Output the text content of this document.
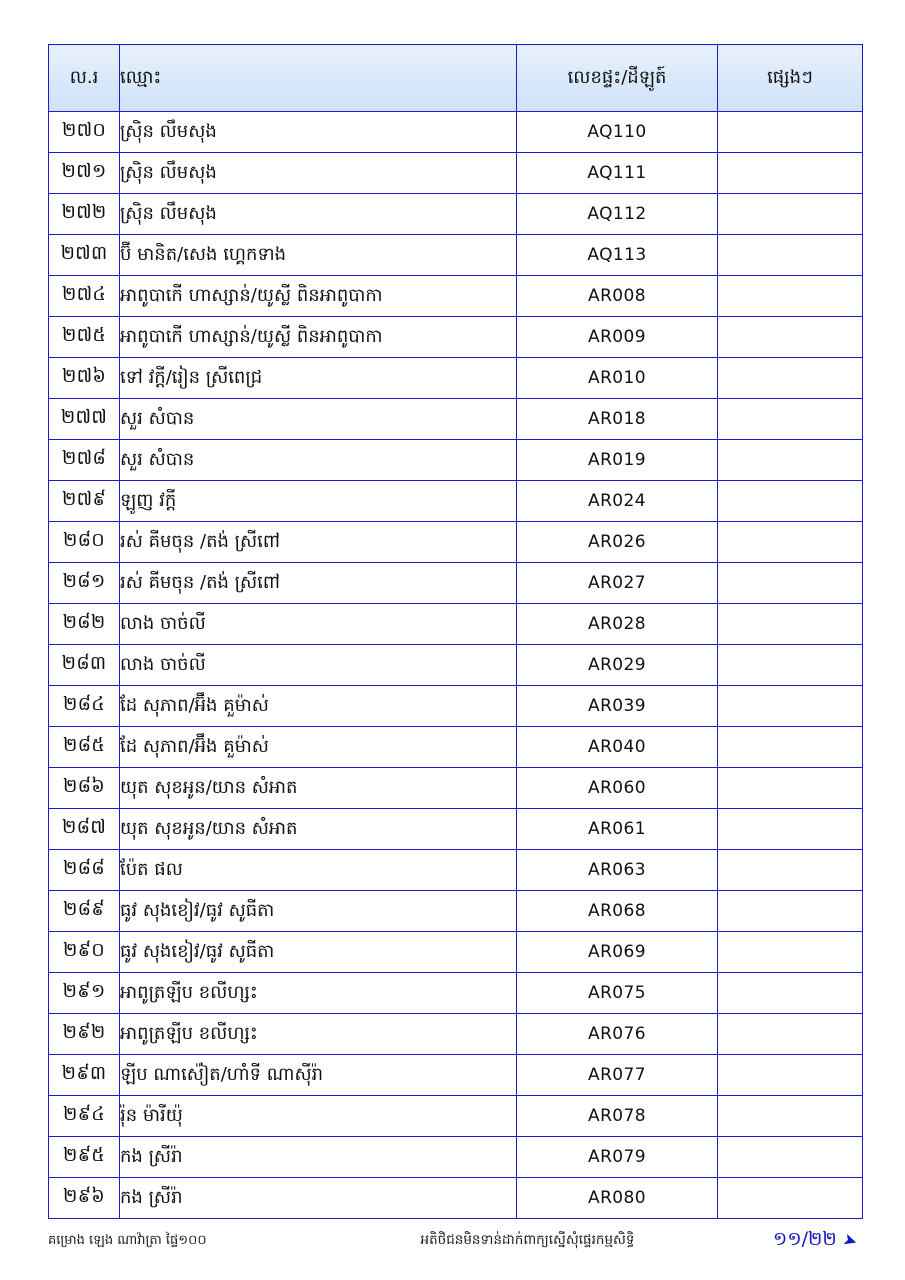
ល.រ	ឈ្មោះ	លេខផ្ទះ/ដីឡូត៍	ផ្សេងៗ
២៧០	ស្រ៊ិន លឹមសុង	AQ110	
២៧១	ស្រ៊ិន លឹមសុង	AQ111	
២៧២	ស្រ៊ិន លឹមសុង	AQ112	
២៧៣	ប៊ី មានិត/សេង ហ្គេកទាង	AQ113	
២៧៤	អាពូបាកេី ហាស្សាន់/យូស្លី ពិនអាពូបាកា	AR008	
២៧៥	អាពូបាកេី ហាស្សាន់/យូស្លី ពិនអាពូបាកា	AR009	
២៧៦	ទៅ វក្តី/រៀន ស្រីពេជ្រ	AR010	
២៧៧	សួរ សំបាន	AR018	
២៧៨	សួរ សំបាន	AR019	
២៧៩	ឡូញ វក្តី	AR024	
២៨០	រស់ គីមចុន /តង់ ស្រីពៅ	AR026	
២៨១	រស់ គីមចុន /តង់ ស្រីពៅ	AR027	
២៨២	លាង ចាច់លី	AR028	
២៨៣	លាង ចាច់លី	AR029	
២៨៤	ដែ សុភាព/អ៊ឹង គួម៉ាស់	AR039	
២៨៥	ដែ សុភាព/អ៊ឹង គួម៉ាស់	AR040	
២៨៦	យុត សុខអូន/យាន សំអាត	AR060	
២៨៧	យុត សុខអូន/យាន សំអាត	AR061	
២៨៨	ប៉ែត ផល	AR063	
២៨៩	ធូវ សុងខៀវ/ធូវ សូធីតា	AR068	
២៩០	ធូវ សុងខៀវ/ធូវ សូធីតា	AR069	
២៩១	អាពូត្រឡីប ខលីហ្សះ	AR075	
២៩២	អាពូត្រឡីប ខលីហ្សះ	AR076	
២៩៣	ឡីប ណាស៉ៀត/ហាំទី ណាស៊ីរ៉ា	AR077	
២៩៤	រ៉ុន ម៉ារីយ៉ុ	AR078	
២៩៥	កង ស្រីរ៉ា	AR079	
២៩៦	កង ស្រីរ៉ា	AR080	
គម្រោង ឡេង ណាវ៉ាត្រា ផ្ទៃ១០០	អតិថិជនមិនទាន់ដាក់ពាក្យស្នើសុំផ្ទេរកម្មសិទ្ធិ	១១/២២ ➤
